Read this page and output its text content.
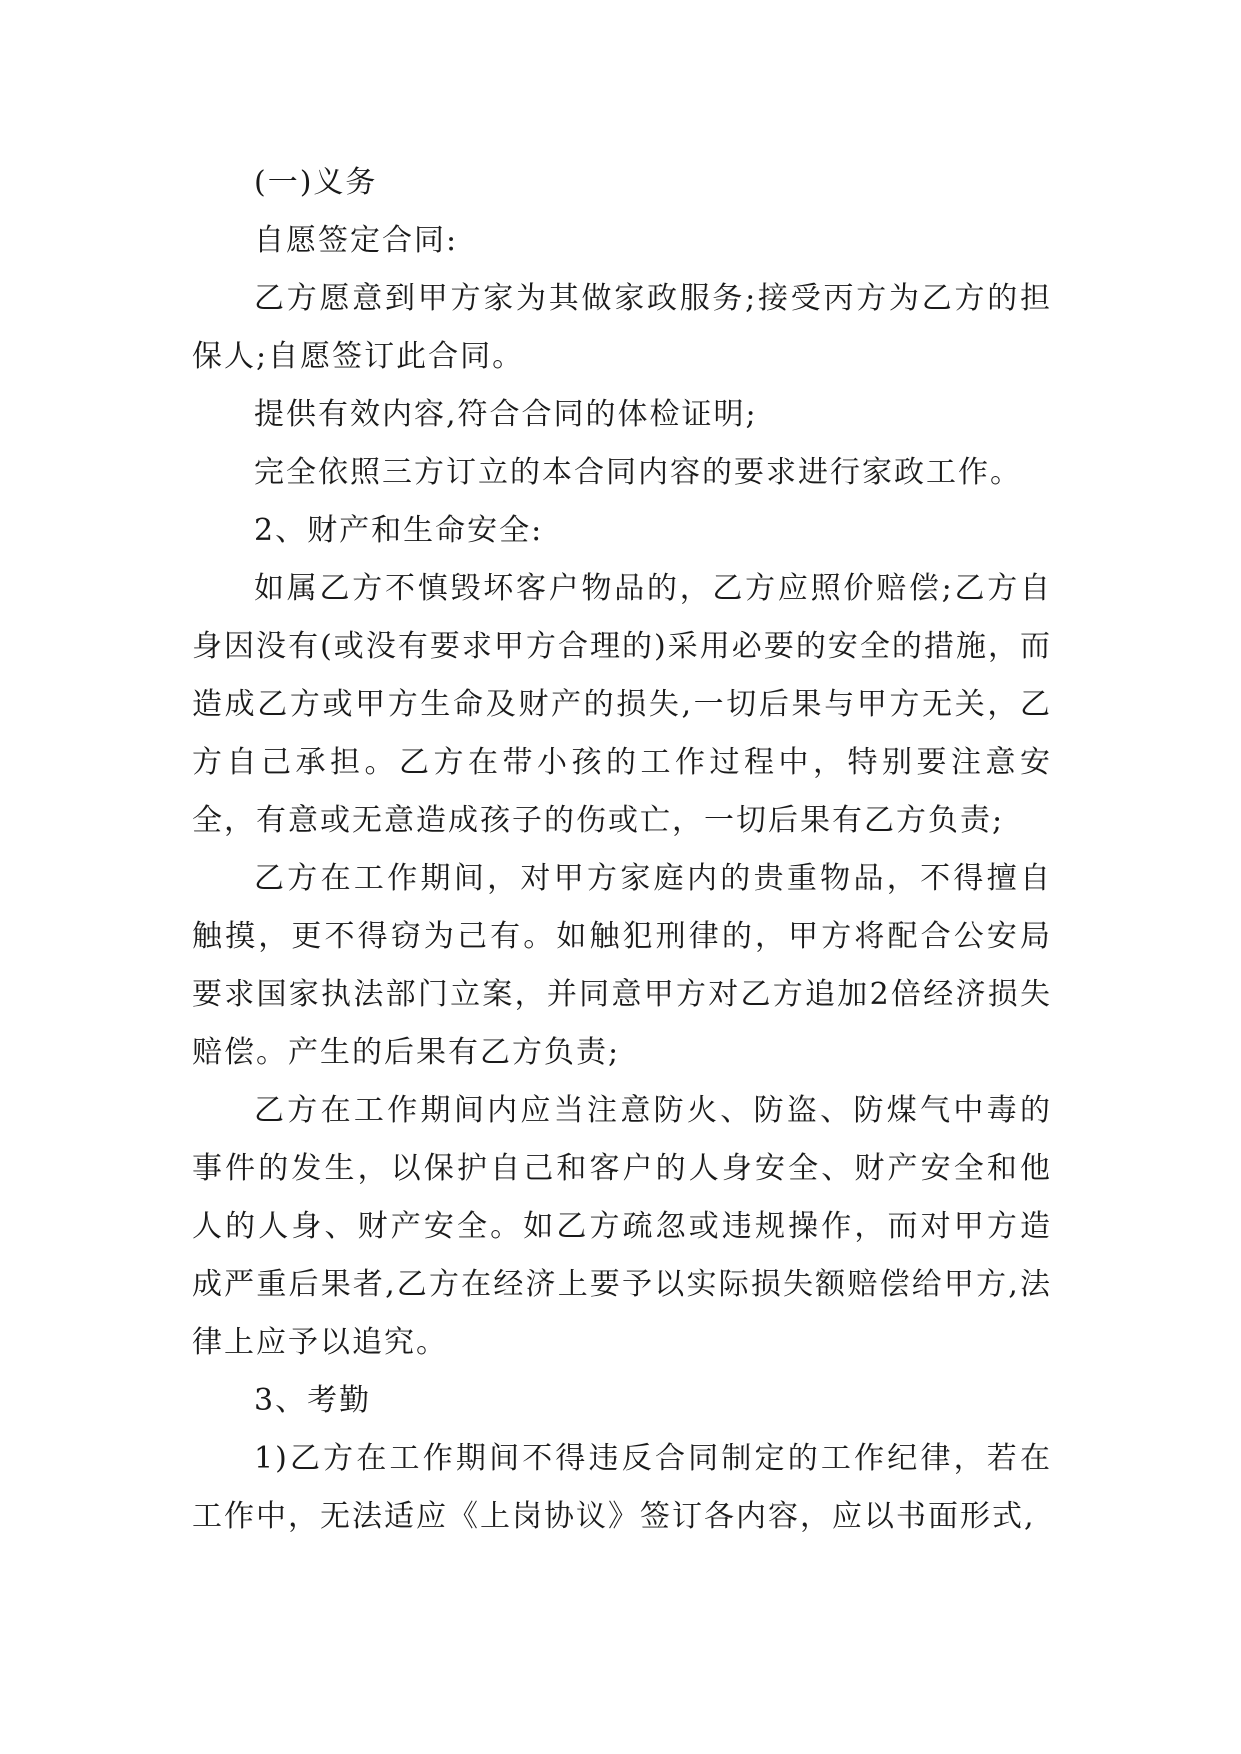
(一)义务

自愿签定合同:

乙方愿意到甲方家为其做家政服务;接受丙方为乙方的担保人;自愿签订此合同。

提供有效内容,符合合同的体检证明;

完全依照三方订立的本合同内容的要求进行家政工作。

2、财产和生命安全:

如属乙方不慎毁坏客户物品的，乙方应照价赔偿;乙方自身因没有(或没有要求甲方合理的)采用必要的安全的措施，而造成乙方或甲方生命及财产的损失,一切后果与甲方无关，乙方自己承担。乙方在带小孩的工作过程中，特别要注意安全，有意或无意造成孩子的伤或亡，一切后果有乙方负责;

乙方在工作期间，对甲方家庭内的贵重物品，不得擅自触摸，更不得窃为己有。如触犯刑律的，甲方将配合公安局要求国家执法部门立案，并同意甲方对乙方追加2倍经济损失赔偿。产生的后果有乙方负责;

乙方在工作期间内应当注意防火、防盗、防煤气中毒的事件的发生，以保护自己和客户的人身安全、财产安全和他人的人身、财产安全。如乙方疏忽或违规操作，而对甲方造成严重后果者,乙方在经济上要予以实际损失额赔偿给甲方,法律上应予以追究。

3、考勤

1)乙方在工作期间不得违反合同制定的工作纪律，若在工作中，无法适应《上岗协议》签订各内容，应以书面形式,
